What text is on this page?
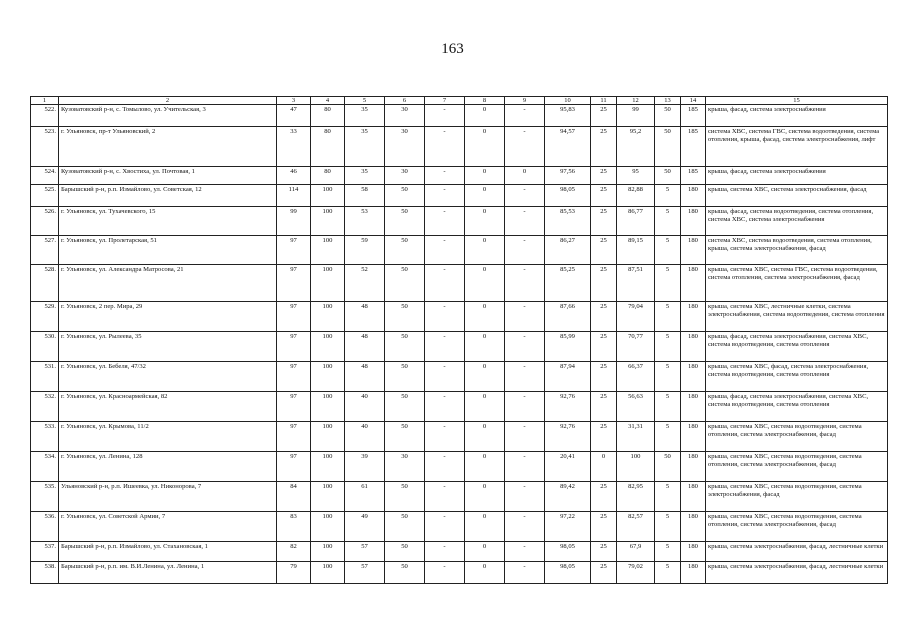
163
1	2	3	4	5	6	7	8	9	10	11	12	13	14	15
522.	Кузоватовский р-н, с. Томылово, ул. Учительская, 3	47	80	35	30	-	0	-	95,83	25	99	50	185	крыша, фасад, система электроснабжения
523.	г. Ульяновск, пр-т Ульяновский, 2	33	80	35	30	-	0	-	94,57	25	95,2	50	185	система ХВС, система ГВС, система водоотведения, система отопления, крыша, фасад, система электроснабжения, лифт
524.	Кузоватовский р-н, с. Хвостиха, ул. Почтовая, 1	46	80	35	30	-	0	0	97,56	25	95	50	185	крыша, фасад, система электроснабжения
525.	Барышский р-н, р.п. Измайлово, ул. Советская, 12	114	100	58	50	-	0	-	98,05	25	82,88	5	180	крыша, система ХВС, система электроснабжения, фасад
526.	г. Ульяновск, ул. Тухачевского, 15	99	100	53	50	-	0	-	85,53	25	86,77	5	180	крыша, фасад, система водоотведения, система отопления, система ХВС, система электроснабжения
527.	г. Ульяновск, ул. Пролетарская, 51	97	100	59	50	-	0	-	86,27	25	89,15	5	180	система ХВС, система водоотведения, система отопления, крыша, система электроснабжения, фасад
528.	г. Ульяновск, ул. Александра Матросова, 21	97	100	52	50	-	0	-	85,25	25	87,51	5	180	крыша, система ХВС, система ГВС, система водоотведения, система отопления, система электроснабжения, фасад
529.	г. Ульяновск, 2 пер. Мира, 29	97	100	48	50	-	0	-	87,66	25	79,04	5	180	крыша, система ХВС, лестничные клетки, система электроснабжения, система водоотведения, система отопления
530.	г. Ульяновск, ул. Рылеева, 35	97	100	48	50	-	0	-	85,99	25	70,77	5	180	крыша, фасад, система электроснабжения, система ХВС, система водоотведения, система отопления
531.	г. Ульяновск, ул. Бебеля, 47/32	97	100	48	50	-	0	-	87,94	25	66,37	5	180	крыша, система ХВС, фасад, система электроснабжения, система водоотведения, система отопления
532.	г. Ульяновск, ул. Красноармейская, 82	97	100	40	50	-	0	-	92,76	25	56,63	5	180	крыша, фасад, система электроснабжения, система ХВС, система водоотведения, система отопления
533.	г. Ульяновск, ул. Крымова, 11/2	97	100	40	50	-	0	-	92,76	25	31,31	5	180	крыша, система ХВС, система водоотведения, система отопления, система электроснабжения, фасад
534.	г. Ульяновск, ул. Ленина, 128	97	100	39	30	-	0	-	20,41	0	100	50	180	крыша, система ХВС, система водоотведения, система отопления, система электроснабжения, фасад
535.	Ульяновский р-н, р.п. Ишеевка, ул. Никонорова, 7	84	100	61	50	-	0	-	89,42	25	82,95	5	180	крыша, система ХВС, система водоотведения, система электроснабжения, фасад
536.	г. Ульяновск, ул. Советской Армии, 7	83	100	49	50	-	0	-	97,22	25	82,57	5	180	крыша, система ХВС, система водоотведения, система отопления, система электроснабжения, фасад
537.	Барышский р-н, р.п. Измайлово, ул. Стахановская, 1	82	100	57	50	-	0	-	98,05	25	67,9	5	180	крыша, система электроснабжения, фасад, лестничные клетки
538.	Барышский р-н, р.п. им. В.И.Ленина, ул. Ленина, 1	79	100	57	50	-	0	-	98,05	25	79,02	5	180	крыша, система электроснабжения, фасад, лестничные клетки
